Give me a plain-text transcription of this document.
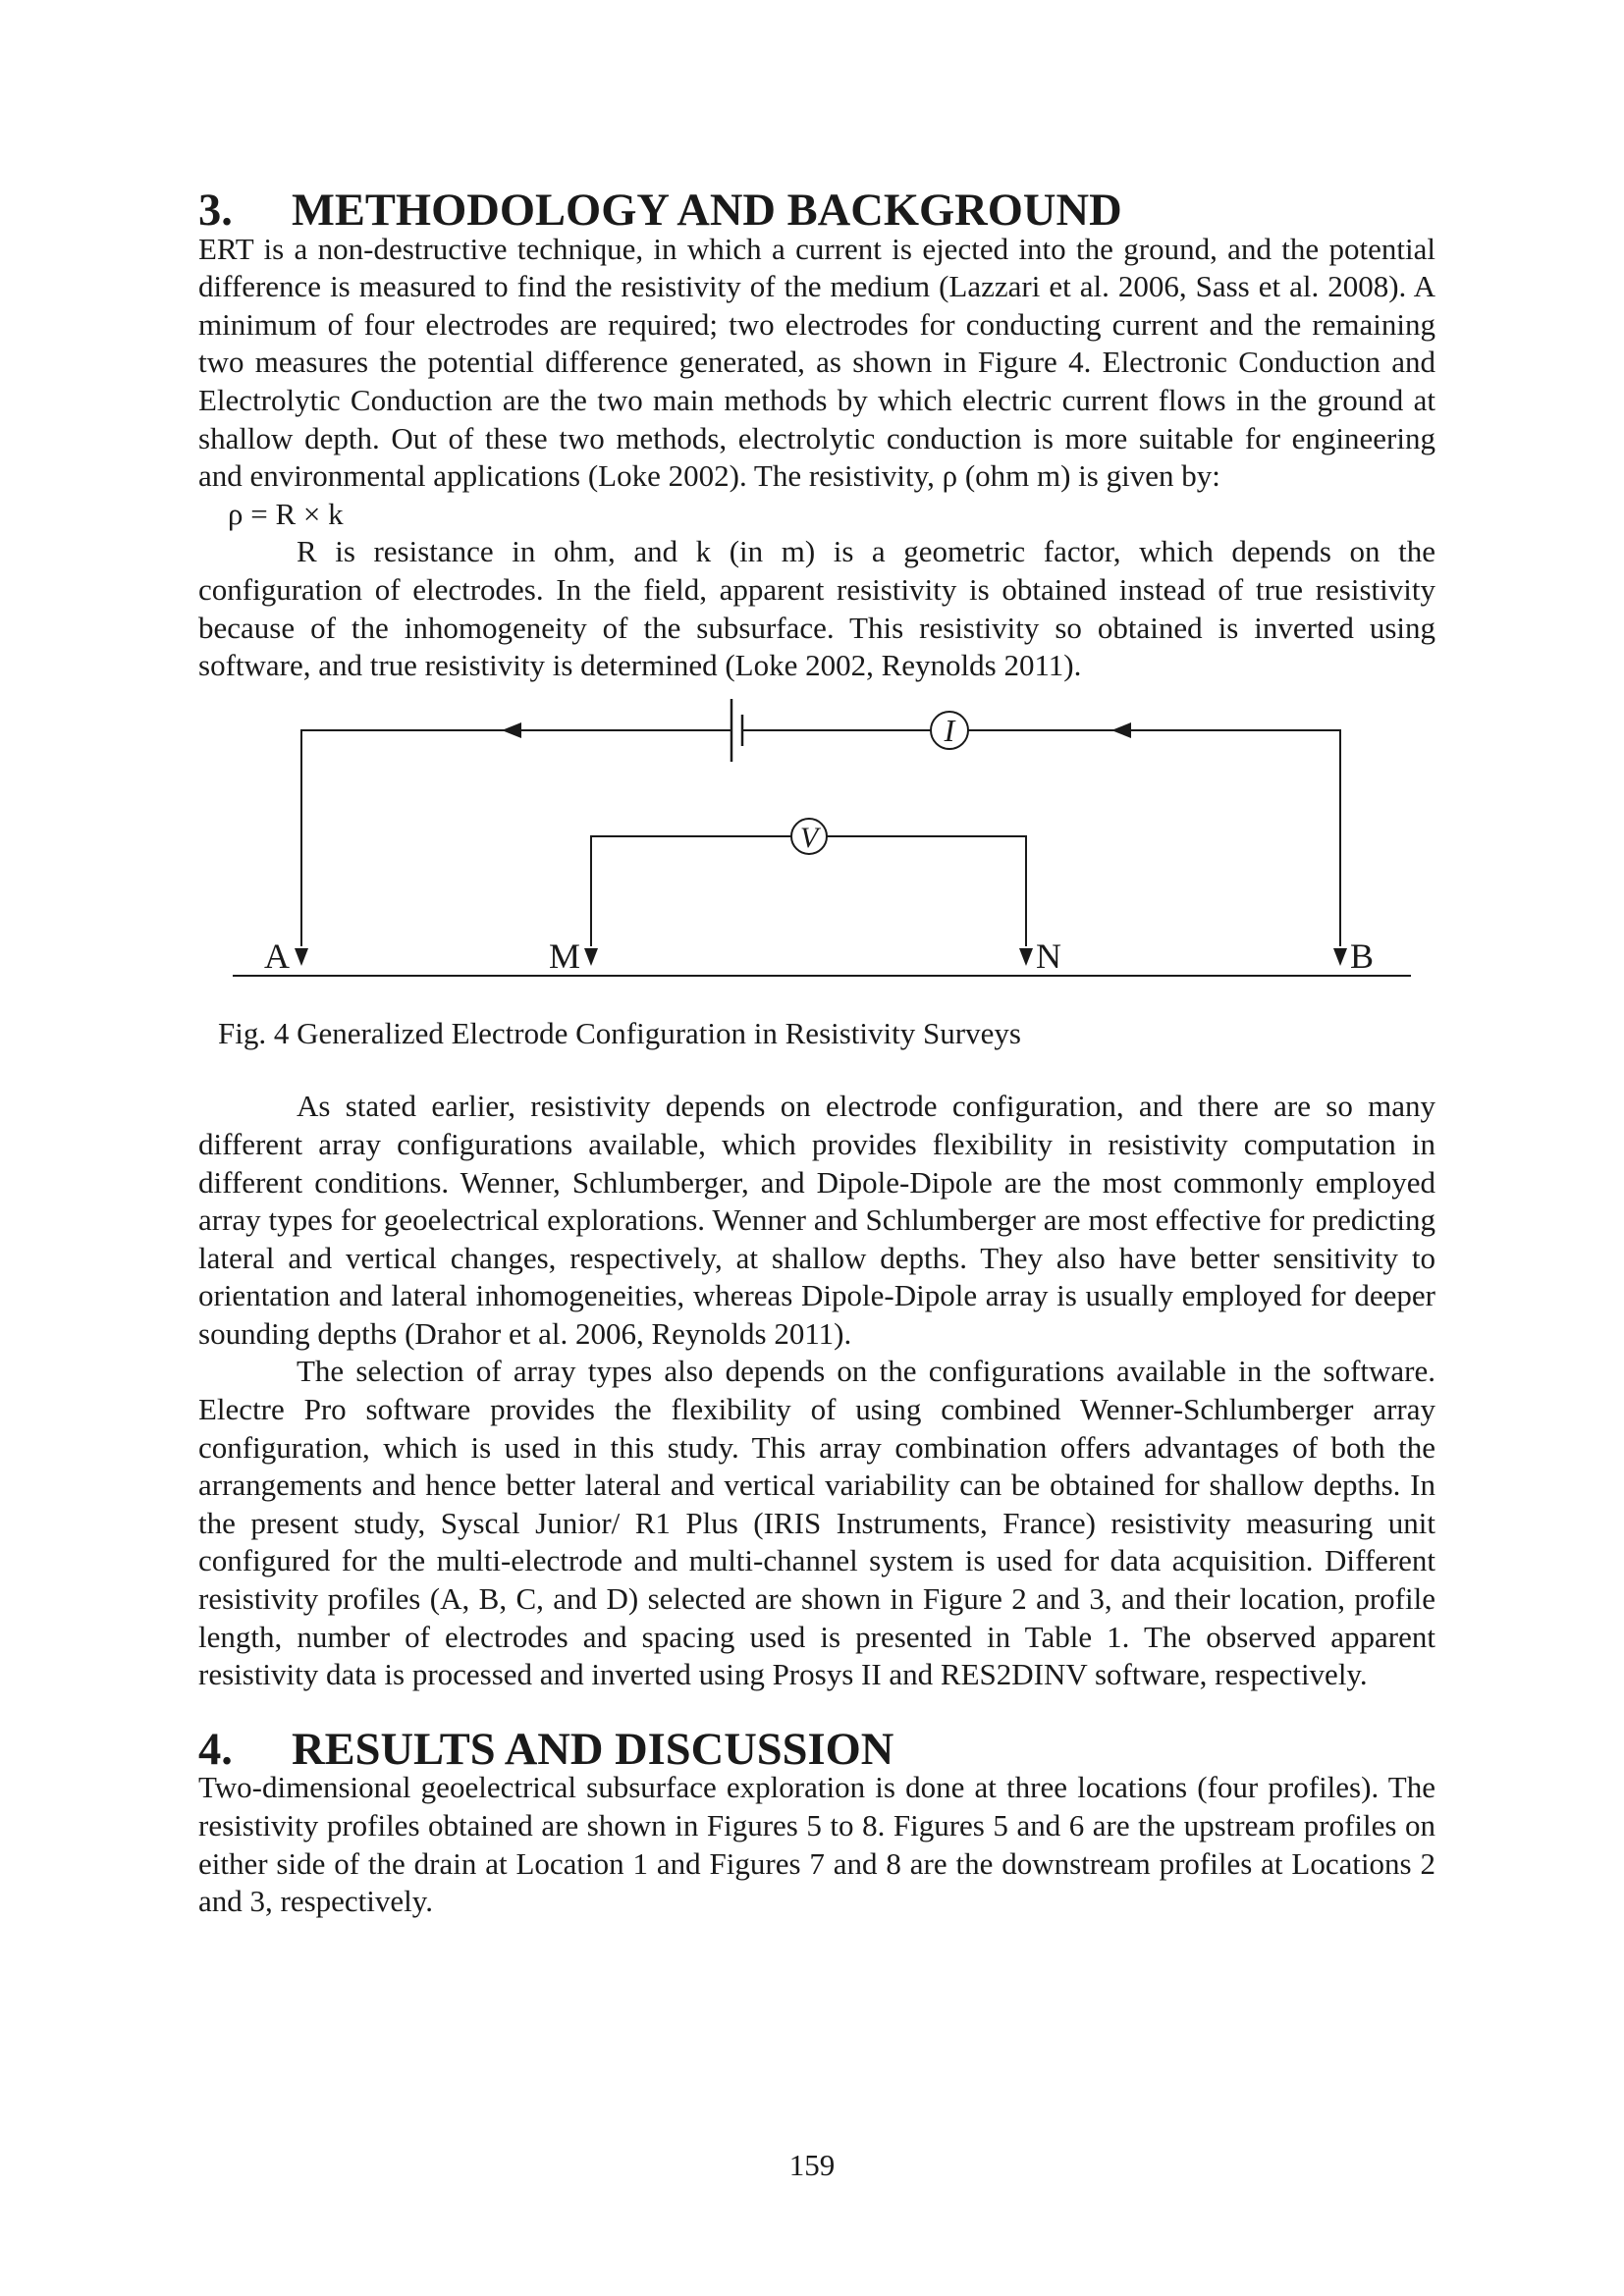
3. METHODOLOGY AND BACKGROUND

ERT is a non-destructive technique, in which a current is ejected into the ground, and the potential difference is measured to find the resistivity of the medium (Lazzari et al. 2006, Sass et al. 2008). A minimum of four electrodes are required; two electrodes for conducting current and the remaining two measures the potential difference generated, as shown in Figure 4. Electronic Conduction and Electrolytic Conduction are the two main methods by which electric current flows in the ground at shallow depth. Out of these two methods, electrolytic conduction is more suitable for engineering and environmental applications (Loke 2002). The resistivity, ρ (ohm m) is given by:

ρ = R × k

R is resistance in ohm, and k (in m) is a geometric factor, which depends on the configuration of electrodes. In the field, apparent resistivity is obtained instead of true resistivity because of the inhomogeneity of the subsurface. This resistivity so obtained is inverted using software, and true resistivity is determined (Loke 2002, Reynolds 2011).

I
V
A	M	N	B

Fig. 4 Generalized Electrode Configuration in Resistivity Surveys

As stated earlier, resistivity depends on electrode configuration, and there are so many different array configurations available, which provides flexibility in resistivity computation in different conditions. Wenner, Schlumberger, and Dipole-Dipole are the most commonly employed array types for geoelectrical explorations. Wenner and Schlumberger are most effective for predicting lateral and vertical changes, respectively, at shallow depths. They also have better sensitivity to orientation and lateral inhomogeneities, whereas Dipole-Dipole array is usually employed for deeper sounding depths (Drahor et al. 2006, Reynolds 2011).

The selection of array types also depends on the configurations available in the software. Electre Pro software provides the flexibility of using combined Wenner-Schlumberger array configuration, which is used in this study. This array combination offers advantages of both the arrangements and hence better lateral and vertical variability can be obtained for shallow depths. In the present study, Syscal Junior/ R1 Plus (IRIS Instruments, France) resistivity measuring unit configured for the multi-electrode and multi-channel system is used for data acquisition. Different resistivity profiles (A, B, C, and D) selected are shown in Figure 2 and 3, and their location, profile length, number of electrodes and spacing used is presented in Table 1. The observed apparent resistivity data is processed and inverted using Prosys II and RES2DINV software, respectively.

4. RESULTS AND DISCUSSION

Two-dimensional geoelectrical subsurface exploration is done at three locations (four profiles). The resistivity profiles obtained are shown in Figures 5 to 8. Figures 5 and 6 are the upstream profiles on either side of the drain at Location 1 and Figures 7 and 8 are the downstream profiles at Locations 2 and 3, respectively.

159
